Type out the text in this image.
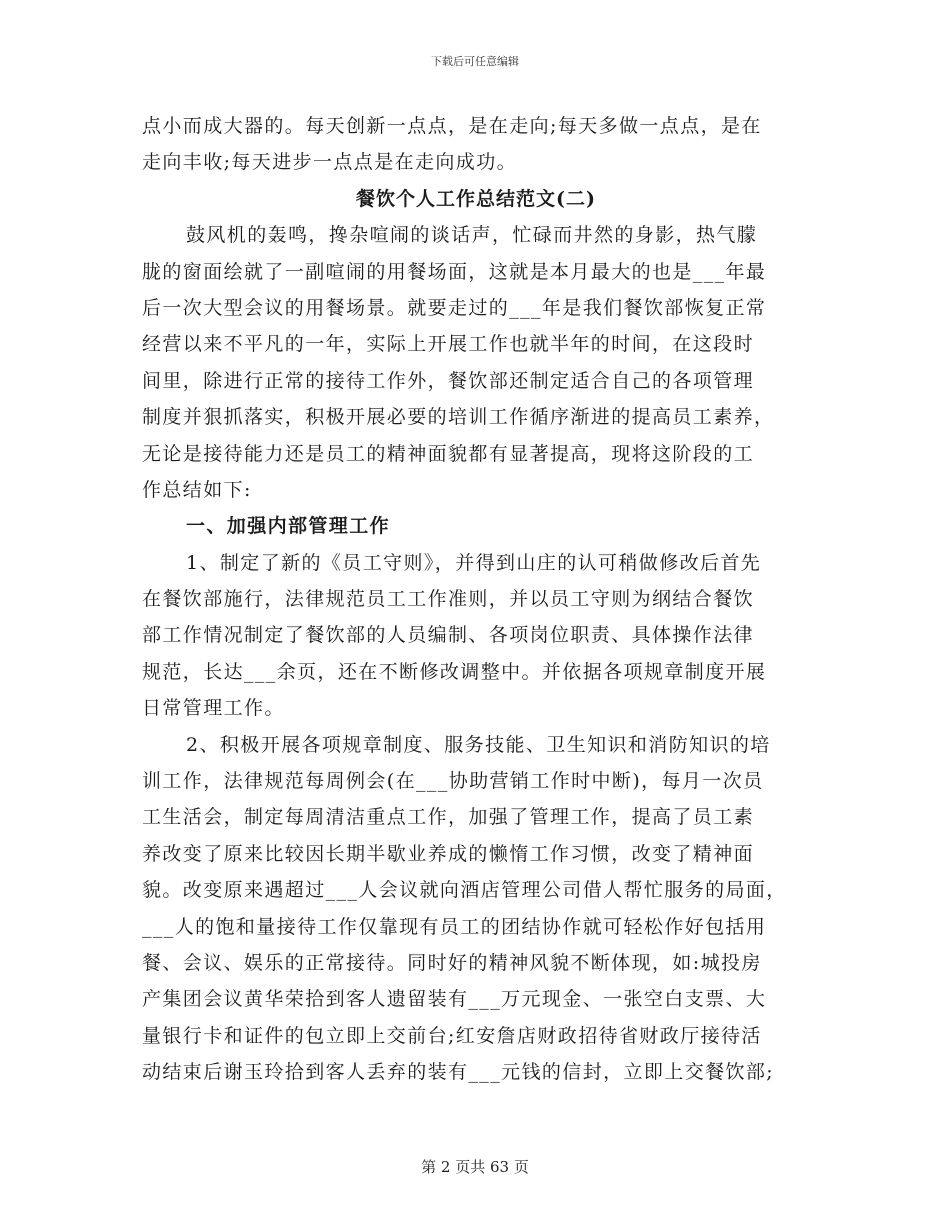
下载后可任意编辑
点小而成大器的。每天创新一点点，是在走向;每天多做一点点，是在
走向丰收;每天进步一点点是在走向成功。
餐饮个人工作总结范文(二)
鼓风机的轰鸣，搀杂喧闹的谈话声，忙碌而井然的身影，热气朦
胧的窗面绘就了一副喧闹的用餐场面，这就是本月最大的也是___年最
后一次大型会议的用餐场景。就要走过的___年是我们餐饮部恢复正常
经营以来不平凡的一年，实际上开展工作也就半年的时间，在这段时
间里，除进行正常的接待工作外，餐饮部还制定适合自己的各项管理
制度并狠抓落实，积极开展必要的培训工作循序渐进的提高员工素养，
无论是接待能力还是员工的精神面貌都有显著提高，现将这阶段的工
作总结如下:
一、加强内部管理工作
1、制定了新的《员工守则》，并得到山庄的认可稍做修改后首先
在餐饮部施行，法律规范员工工作准则，并以员工守则为纲结合餐饮
部工作情况制定了餐饮部的人员编制、各项岗位职责、具体操作法律
规范，长达___余页，还在不断修改调整中。并依据各项规章制度开展
日常管理工作。
2、积极开展各项规章制度、服务技能、卫生知识和消防知识的培
训工作，法律规范每周例会(在___协助营销工作时中断)，每月一次员
工生活会，制定每周清洁重点工作，加强了管理工作，提高了员工素
养改变了原来比较因长期半歇业养成的懒惰工作习惯，改变了精神面
貌。改变原来遇超过___人会议就向酒店管理公司借人帮忙服务的局面，
___人的饱和量接待工作仅靠现有员工的团结协作就可轻松作好包括用
餐、会议、娱乐的正常接待。同时好的精神风貌不断体现，如:城投房
产集团会议黄华荣拾到客人遗留装有___万元现金、一张空白支票、大
量银行卡和证件的包立即上交前台;红安詹店财政招待省财政厅接待活
动结束后谢玉玲拾到客人丢弃的装有___元钱的信封，立即上交餐饮部;
第 2 页共 63 页
